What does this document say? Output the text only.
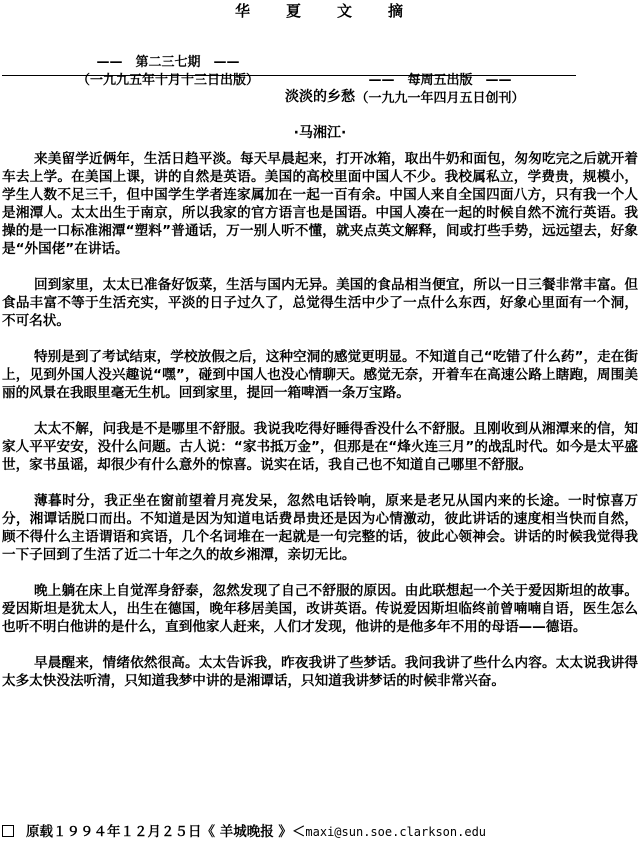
华　　夏　　文　　摘

——　第二三七期　——

——　每周五出版　——

（一九九五年十月十三日出版）

（一九九一年四月五日创刊）

淡淡的乡愁
·马湘江·

来美留学近俩年，生活日趋平淡。每天早晨起来，打开冰箱，取出牛奶和面包，匆匆吃完之后就开着车去上学。在美国上课，讲的自然是英语。美国的高校里面中国人不少。我校属私立，学费贵，规模小，学生人数不足三千，但中国学生学者连家属加在一起一百有余。中国人来自全国四面八方，只有我一个人是湘潭人。太太出生于南京，所以我家的官方语言也是国语。中国人凑在一起的时候自然不流行英语。我操的是一口标准湘潭“塑料”普通话，万一别人听不懂，就夹点英文解释，间或打些手势，远远望去，好象是“外国佬”在讲话。

回到家里，太太已准备好饭菜，生活与国内无异。美国的食品相当便宜，所以一日三餐非常丰富。但食品丰富不等于生活充实，平淡的日子过久了，总觉得生活中少了一点什么东西，好象心里面有一个洞，不可名状。

特别是到了考试结束，学校放假之后，这种空洞的感觉更明显。不知道自己“吃错了什么药”，走在街上，见到外国人没兴趣说“嘿”，碰到中国人也没心情聊天。感觉无奈，开着车在高速公路上瞎跑，周围美丽的风景在我眼里毫无生机。回到家里，提回一箱啤酒一条万宝路。

太太不解，问我是不是哪里不舒服。我说我吃得好睡得香没什么不舒服。且刚收到从湘潭来的信，知家人平平安安，没什么问题。古人说：“家书抵万金”，但那是在“烽火连三月”的战乱时代。如今是太平盛世，家书虽谣，却很少有什么意外的惊喜。说实在话，我自己也不知道自己哪里不舒服。

薄暮时分，我正坐在窗前望着月亮发呆，忽然电话铃响，原来是老兄从国内来的长途。一时惊喜万分，湘谭话脱口而出。不知道是因为知道电话费昂贵还是因为心情激动，彼此讲话的速度相当快而自然，顾不得什么主语谓语和宾语，几个名词堆在一起就是一句完整的话，彼此心领神会。讲话的时候我觉得我一下子回到了生活了近二十年之久的故乡湘潭，亲切无比。

晚上躺在床上自觉浑身舒泰，忽然发现了自己不舒服的原因。由此联想起一个关于爱因斯坦的故事。爱因斯坦是犹太人，出生在德国，晚年移居美国，改讲英语。传说爱因斯坦临终前曾喃喃自语，医生怎么也听不明白他讲的是什么，直到他家人赶来，人们才发现，他讲的是他多年不用的母语——德语。

早晨醒来，情绪依然很高。太太告诉我，昨夜我讲了些梦话。我问我讲了些什么内容。太太说我讲得太多太快没法听清，只知道我梦中讲的是湘谭话，只知道我讲梦话的时候非常兴奋。

原载１９９４年１２月２５日《 羊城晚报 》＜maxi@sun.soe.clarkson.edu
